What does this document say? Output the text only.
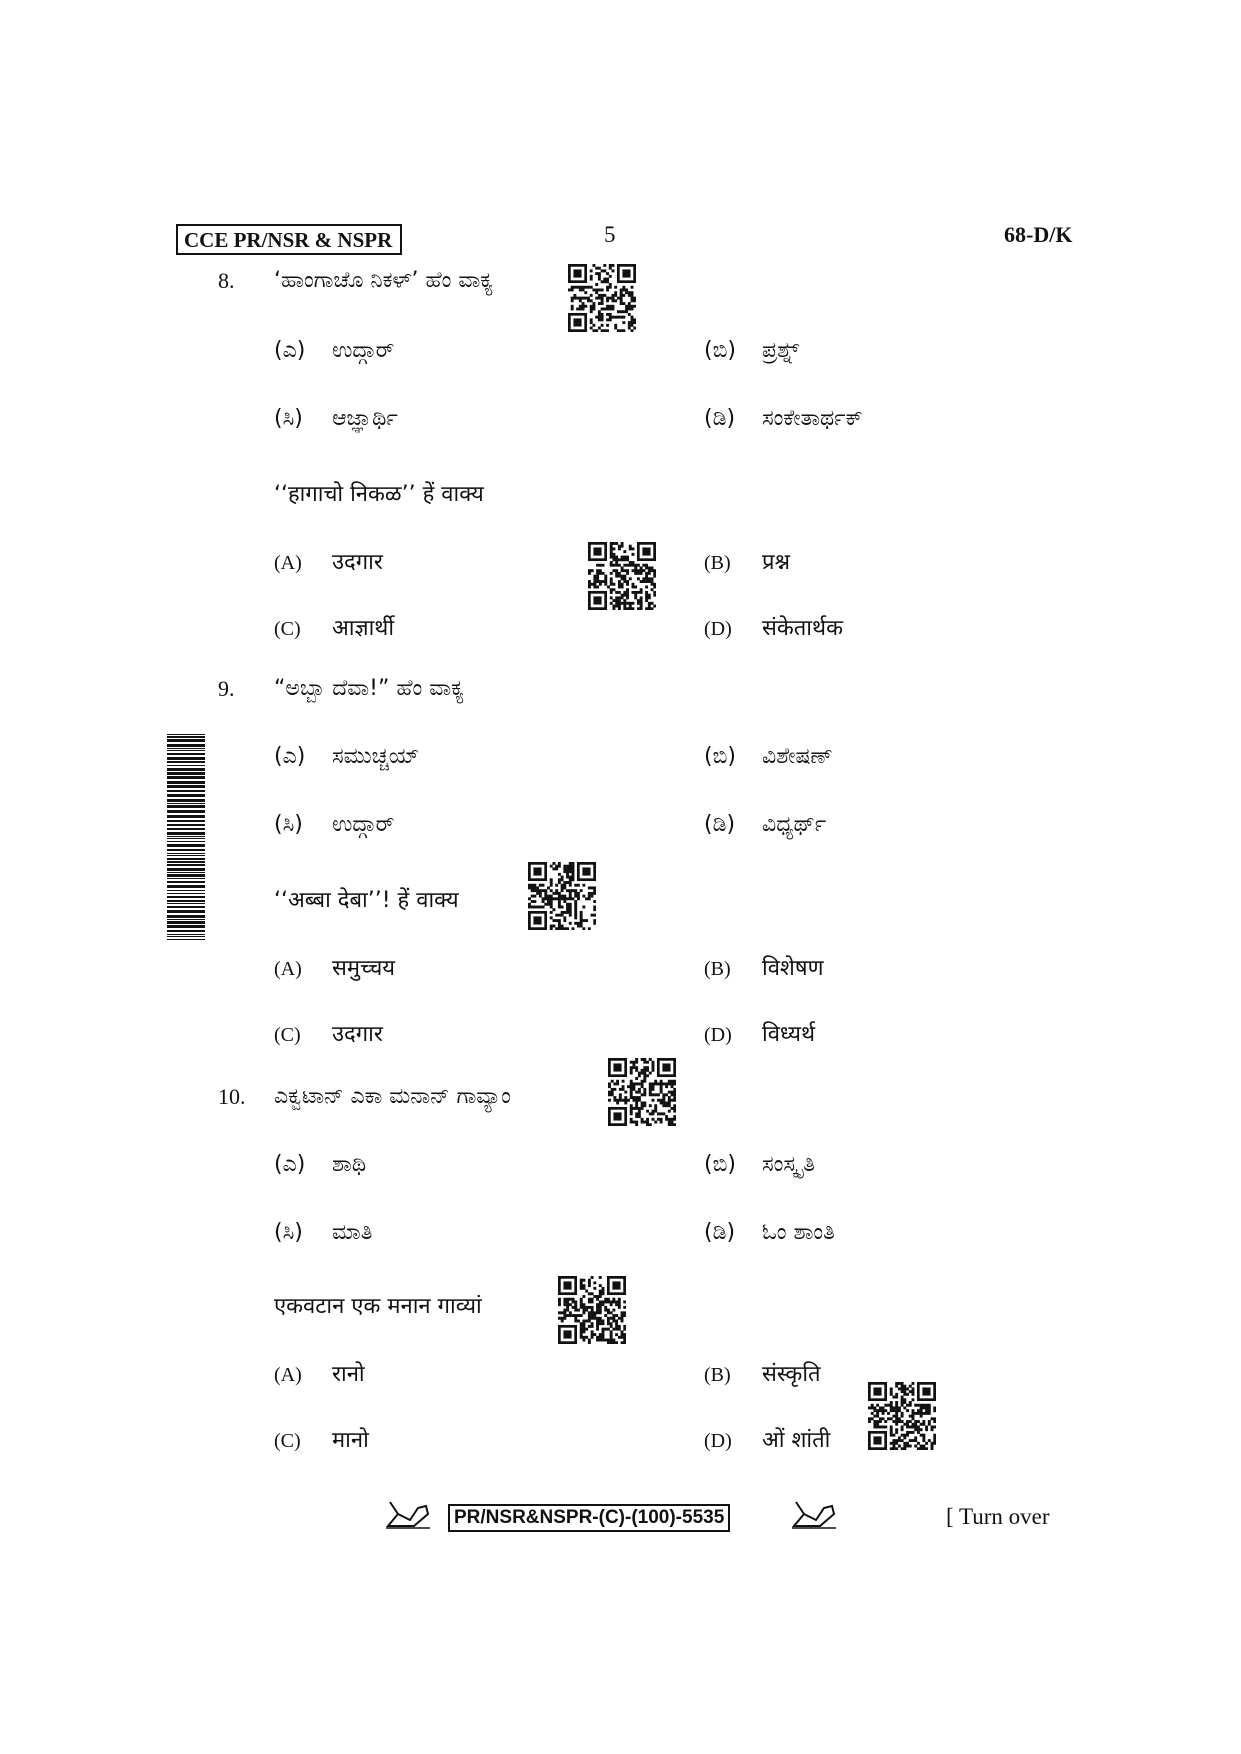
CCE PR/NSR & NSPR	5	68-D/K
8. ‘ಹಾಂಗಾಚೊ ನಿಕಳ್’ ಹೆಂ ವಾಕ್ಯ
(ಎ)	ಉದ್ಗಾರ್	(ಬಿ)	ಪ್ರಶ್ನ್
(ಸಿ)	ಆಜ್ಞಾರ್ಥಿ	(ಡಿ)	ಸಂಕೇತಾರ್ಥಕ್
‘‘हागाचो निकळ’’ हें वाक्य
(A)	उदगार	(B)	प्रश्न
(C)	आज्ञार्थी	(D)	संकेतार्थक
9. “ಅಬ್ಬಾ ದೆವಾ!” ಹೆಂ ವಾಕ್ಯ
(ಎ)	ಸಮುಚ್ಚಯ್	(ಬಿ)	ವಿಶೇಷಣ್
(ಸಿ)	ಉದ್ಗಾರ್	(ಡಿ)	ವಿಧ್ಯರ್ಥ್
‘‘अब्बा देबा’’! हें वाक्य
(A)	समुच्चय	(B)	विशेषण
(C)	उदगार	(D)	विध्यर्थ
10. ಎಕ್ವಟಾನ್ ಎಕಾ ಮನಾನ್ ಗಾವ್ಯಾಂ
(ಎ)	ಶಾಥಿ	(ಬಿ)	ಸಂಸ್ಕೃತಿ
(ಸಿ)	ಮಾತಿ	(ಡಿ)	ಓಂ ಶಾಂತಿ
एकवटान एक मनान गाव्यां
(A)	रानो	(B)	संस्कृति
(C)	मानो	(D)	ओं शांती
PR/NSR&NSPR-(C)-(100)-5535	[ Turn over
